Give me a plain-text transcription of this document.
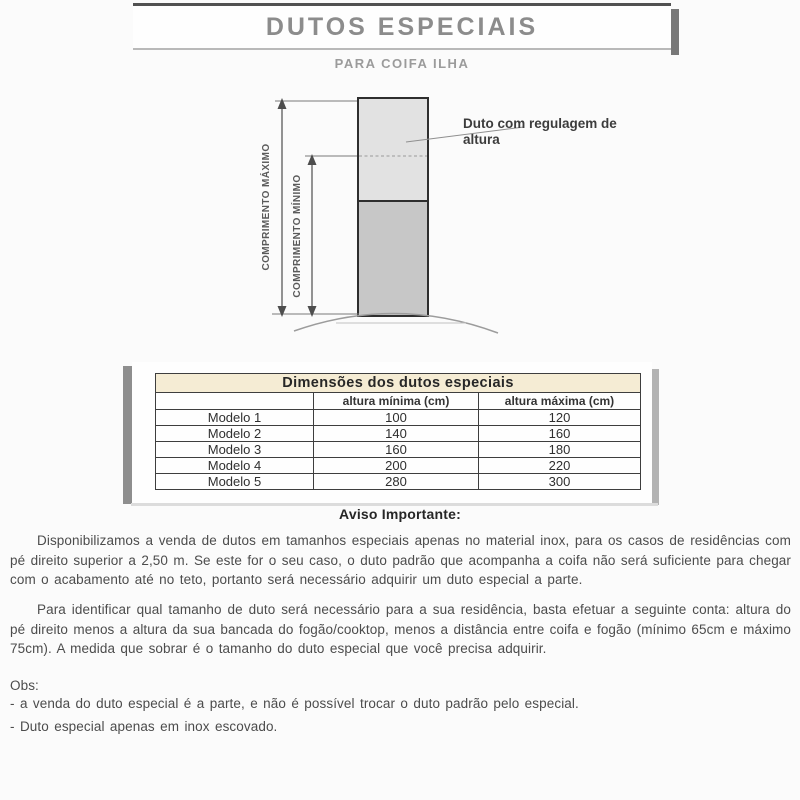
DUTOS ESPECIAIS
PARA COIFA ILHA
COMPRIMENTO MÁXIMO COMPRIMENTO MÍNIMO
Duto com regulagem de altura
Dimensões dos dutos especiais		
	altura mínima (cm)	altura máxima (cm)
Modelo 1	100	120
Modelo 2	140	160
Modelo 3	160	180
Modelo 4	200	220
Modelo 5	280	300
Aviso Importante:

Disponibilizamos a venda de dutos em tamanhos especiais apenas no material inox, para os casos de residências com pé direito superior a 2,50 m. Se este for o seu caso, o duto padrão que acompanha a coifa não será suficiente para chegar com o acabamento até no teto, portanto será necessário adquirir um duto especial a parte.

Para identificar qual tamanho de duto será necessário para a sua residência, basta efetuar a seguinte conta: altura do pé direito menos a altura da sua bancada do fogão/cooktop, menos a distância entre coifa e fogão (mínimo 65cm e máximo 75cm). A medida que sobrar é o tamanho do duto especial que você precisa adquirir.

Obs:
- a venda do duto especial é a parte, e não é possível trocar o duto padrão pelo especial.
- Duto especial apenas em inox escovado.
